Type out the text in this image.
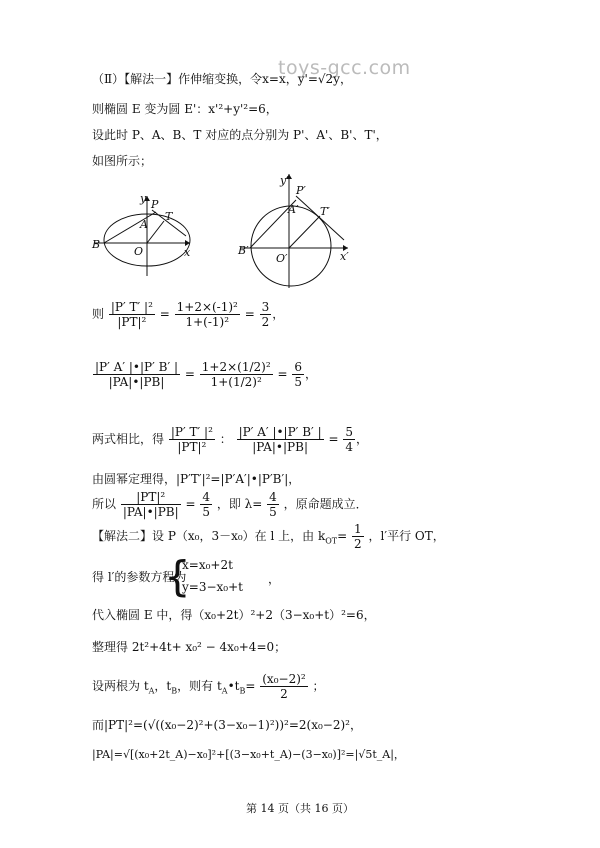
toys-gcc.com
（Ⅱ）【解法一】作伸缩变换，令x=x，y'=√2y，
则椭圆 E 变为圆 E'：x'²+y'²=6，
设此时 P、A、B、T 对应的点分别为 P'、A'、B'、T'，
如图所示；
y P
T
A
B
O	x
y′
P′
A′ T′
B′
O′	x′
则 $\frac{\text{|P′ T′ |²}}{\text{|PT|²}} = \frac{\text{1+2×(-1)²}}{\text{1+(-1)²}} = \frac{3}{2}$ ，
$\frac{|P' A' |•|P' B' |}{|PA|•|PB|} = \frac{\text{1+2×(1/2)²}}{\text{1+(1/2)²}} = \frac{6}{5}$ ，
两式相比，得 $\frac{\text{|P′ T′ |²}}{\text{|PT|²}}$ ： $\frac{|P' A' |•|P' B' |}{|PA|•|PB|} = \frac{5}{4}$ ，
由圆幂定理得，|P′T′|²=|P′A′|•|P′B′|，
所以 $\frac{\text{|PT|²}}{|PA|•|PB|} = \frac{4}{5}$ ，即 $\lambda= \frac{4}{5}$ ，原命题成立．
【解法二】设 P（x₀，3－x₀）在 l 上，由 $k_{OT}= \frac{1}{2}$ ，l′平行 OT，
得 l′的参数方程为
{
x=x₀+2t
y=3−x₀+t
，
代入椭圆 E 中，得（x₀+2t）²+2（3−x₀+t）²=6，
整理得 2t²+4t+ x₀² − 4x₀+4=0；
设两根为 $t_A$，$t_B$，则有 $t_A•t_B= \frac{\text{(x₀−2)²}}{2}$ ；
而|PT|²=(√((x₀−2)²+(3−x₀−1)²))²=2(x₀−2)²，
|PA|=√[(x₀+2t_A)−x₀]²+[(3−x₀+t_A)−(3−x₀)]²=|√5t_A|，
第 14 页（共 16 页）
